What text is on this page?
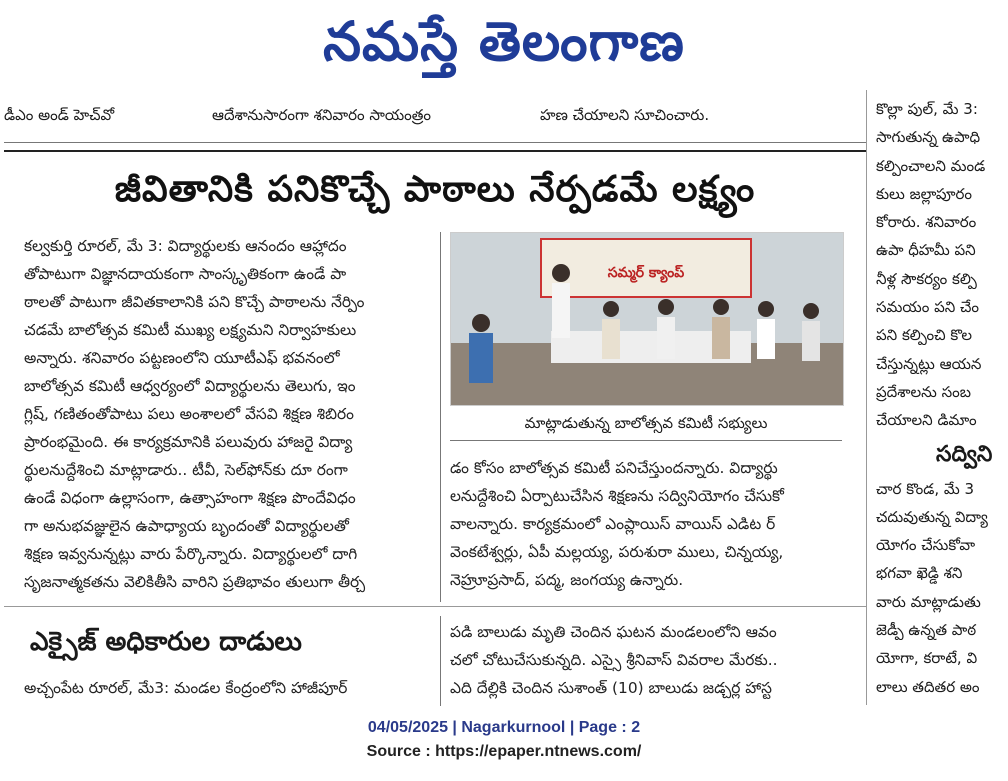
నమస్తే తెలంగాణ
డీఎం అండ్ హెచ్‌వో	ఆదేశానుసారంగా శనివారం సాయంత్రం	హణ చేయాలని సూచించారు.
జీవితానికి పనికొచ్చే పాఠాలు నేర్పడమే లక్ష్యం

కల్వకుర్తి రూరల్, మే 3: విద్యార్థులకు ఆనందం ఆహ్లాదం

తోపాటుగా విజ్ఞానదాయకంగా సాంస్కృతికంగా ఉండే పా

ఠాలతో పాటుగా జీవితకాలానికి పని కొచ్చే పాఠాలను నేర్పిం

చడమే బాలోత్సవ కమిటీ ముఖ్య లక్ష్యమని నిర్వాహకులు

అన్నారు. శనివారం పట్టణంలోని యూటీఎఫ్ భవనంలో

బాలోత్సవ కమిటీ ఆధ్వర్యంలో విద్యార్థులను తెలుగు, ఇం

గ్లిష్, గణితంతోపాటు పలు అంశాలలో వేసవి శిక్షణ శిబిరం

ప్రారంభమైంది. ఈ కార్యక్రమానికి పలువురు హాజరై విద్యా

ర్థులనుద్దేశించి మాట్లాడారు.. టీవీ, సెల్‌ఫోన్‌కు దూ రంగా

ఉండే విధంగా ఉల్లాసంగా, ఉత్సాహంగా శిక్షణ పొందేవిధం

గా అనుభవజ్ఞులైన ఉపాధ్యాయ బృందంతో విద్యార్థులతో

శిక్షణ ఇవ్వనున్నట్లు వారు పేర్కొన్నారు. విద్యార్థులలో దాగి

సృజనాత్మకతను వెలికితీసి వారిని ప్రతిభావం తులుగా తీర్చ

సమ్మర్ క్యాంప్
మాట్లాడుతున్న బాలోత్సవ కమిటీ సభ్యులు

డం కోసం బాలోత్సవ కమిటీ పనిచేస్తుందన్నారు. విద్యార్థు

లనుద్దేశించి ఏర్పాటుచేసిన శిక్షణను సద్వినియోగం చేసుకో

వాలన్నారు. కార్యక్రమంలో ఎంప్లాయిస్ వాయిస్ ఎడిట ర్

వెంకటేశ్వర్లు, ఏపీ మల్లయ్య, పరుశురా ములు, చిన్నయ్య,

నెహ్రూప్రసాద్, పద్మ, జంగయ్య ఉన్నారు.

ఎక్సైజ్ అధికారుల దాడులు

అచ్చంపేట రూరల్, మే3: మండల కేంద్రంలోని హాజీపూర్

పడి బాలుడు మృతి చెందిన ఘటన మండలంలోని ఆవం

చలో చోటుచేసుకున్నది. ఎస్సై శ్రీనివాస్ వివరాల మేరకు..

ఎది దేల్లికి చెందిన సుశాంత్ (10) బాలుడు జడ్చర్ల హాస్ట

కొల్లా పుల్, మే 3:

సాగుతున్న ఉపాధి

కల్పించాలని మండ

కులు జల్లాపూరం

కోరారు. శనివారం

ఉపా ధీహమీ పని

నీళ్ల సౌకర్యం కల్పి

సమయం పని చేం

పని కల్పించి కొల

చేస్తున్నట్లు ఆయన

ప్రదేశాలను సంబ

చేయాలని డిమాం

సద్విని

చార కొండ, మే 3

చదువుతున్న విద్యా

యోగం చేసుకోవా

భగవా ఖెడ్డి శని

వారు మాట్లాడుతు

జెడ్పీ ఉన్నత పాఠ

యోగా, కరాటే, వి

లాలు తదితర అం

04/05/2025 | Nagarkurnool | Page : 2
Source : https://epaper.ntnews.com/
